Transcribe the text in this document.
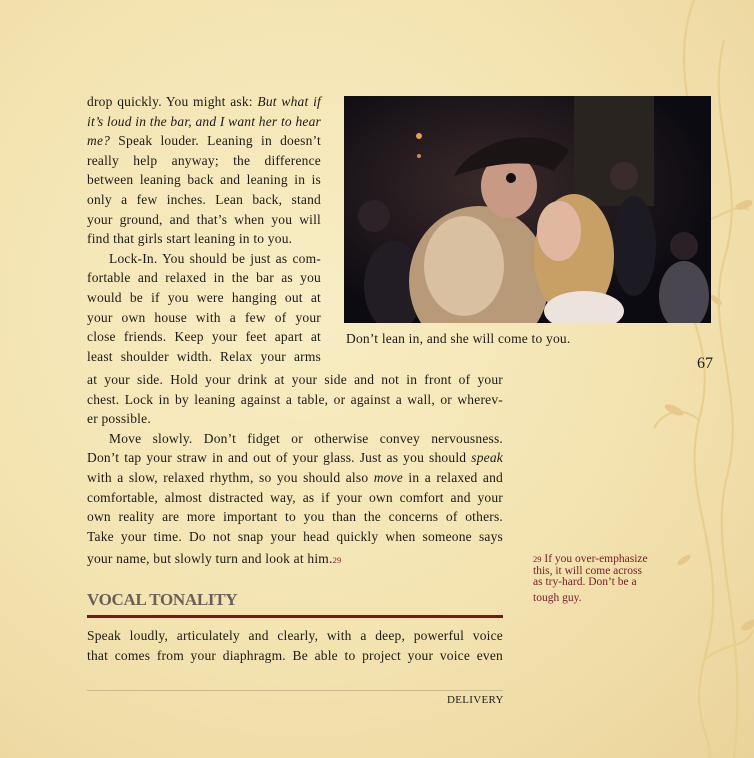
drop quickly. You might ask: But what if
it’s loud in the bar, and I want her to hear
me? Speak louder. Leaning in doesn’t
really help anyway; the difference
between leaning back and leaning in is
only a few inches. Lean back, stand
your ground, and that’s when you will
find that girls start leaning in to you.
Lock-In. You should be just as com-
fortable and relaxed in the bar as you
would be if you were hanging out at
your own house with a few of your
close friends. Keep your feet apart at
least shoulder width. Relax your arms
Don’t lean in, and she will come to you.
67
at your side. Hold your drink at your side and not in front of your
chest. Lock in by leaning against a table, or against a wall, or wherev-
er possible.
Move slowly. Don’t fidget or otherwise convey nervousness.
Don’t tap your straw in and out of your glass. Just as you should speak
with a slow, relaxed rhythm, so you should also move in a relaxed and
comfortable, almost distracted way, as if your own comfort and your
own reality are more important to you than the concerns of others.
Take your time. Do not snap your head quickly when someone says
your name, but slowly turn and look at him.29	29 If you over-emphasize
this, it will come across
as try-hard. Don’t be a
tough guy.
VOCAL TONALITY
Speak loudly, articulately and clearly, with a deep, powerful voice
that comes from your diaphragm. Be able to project your voice even
DELIVERY
